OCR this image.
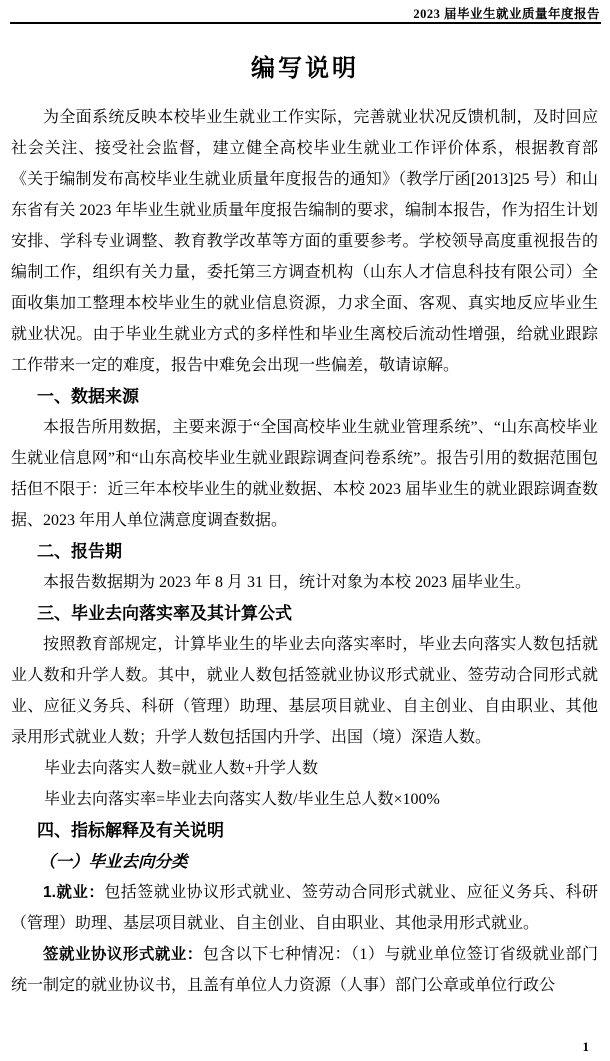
2023 届毕业生就业质量年度报告
编写说明

为全面系统反映本校毕业生就业工作实际，完善就业状况反馈机制，及时回应社会关注、接受社会监督，建立健全高校毕业生就业工作评价体系，根据教育部《关于编制发布高校毕业生就业质量年度报告的通知》（教学厅函[2013]25 号）和山东省有关 2023 年毕业生就业质量年度报告编制的要求，编制本报告，作为招生计划安排、学科专业调整、教育教学改革等方面的重要参考。学校领导高度重视报告的编制工作，组织有关力量，委托第三方调查机构（山东人才信息科技有限公司）全面收集加工整理本校毕业生的就业信息资源，力求全面、客观、真实地反应毕业生就业状况。由于毕业生就业方式的多样性和毕业生离校后流动性增强，给就业跟踪工作带来一定的难度，报告中难免会出现一些偏差，敬请谅解。

一、数据来源

本报告所用数据，主要来源于“全国高校毕业生就业管理系统”、“山东高校毕业生就业信息网”和“山东高校毕业生就业跟踪调查问卷系统”。报告引用的数据范围包括但不限于：近三年本校毕业生的就业数据、本校 2023 届毕业生的就业跟踪调查数据、2023 年用人单位满意度调查数据。

二、报告期

本报告数据期为 2023 年 8 月 31 日，统计对象为本校 2023 届毕业生。

三、毕业去向落实率及其计算公式

按照教育部规定，计算毕业生的毕业去向落实率时，毕业去向落实人数包括就业人数和升学人数。其中，就业人数包括签就业协议形式就业、签劳动合同形式就业、应征义务兵、科研（管理）助理、基层项目就业、自主创业、自由职业、其他录用形式就业人数；升学人数包括国内升学、出国（境）深造人数。

毕业去向落实人数=就业人数+升学人数

毕业去向落实率=毕业去向落实人数/毕业生总人数×100%

四、指标解释及有关说明
（一）毕业去向分类

1.就业：包括签就业协议形式就业、签劳动合同形式就业、应征义务兵、科研（管理）助理、基层项目就业、自主创业、自由职业、其他录用形式就业。

签就业协议形式就业：包含以下七种情况：（1）与就业单位签订省级就业部门统一制定的就业协议书，且盖有单位人力资源（人事）部门公章或单位行政公

1
